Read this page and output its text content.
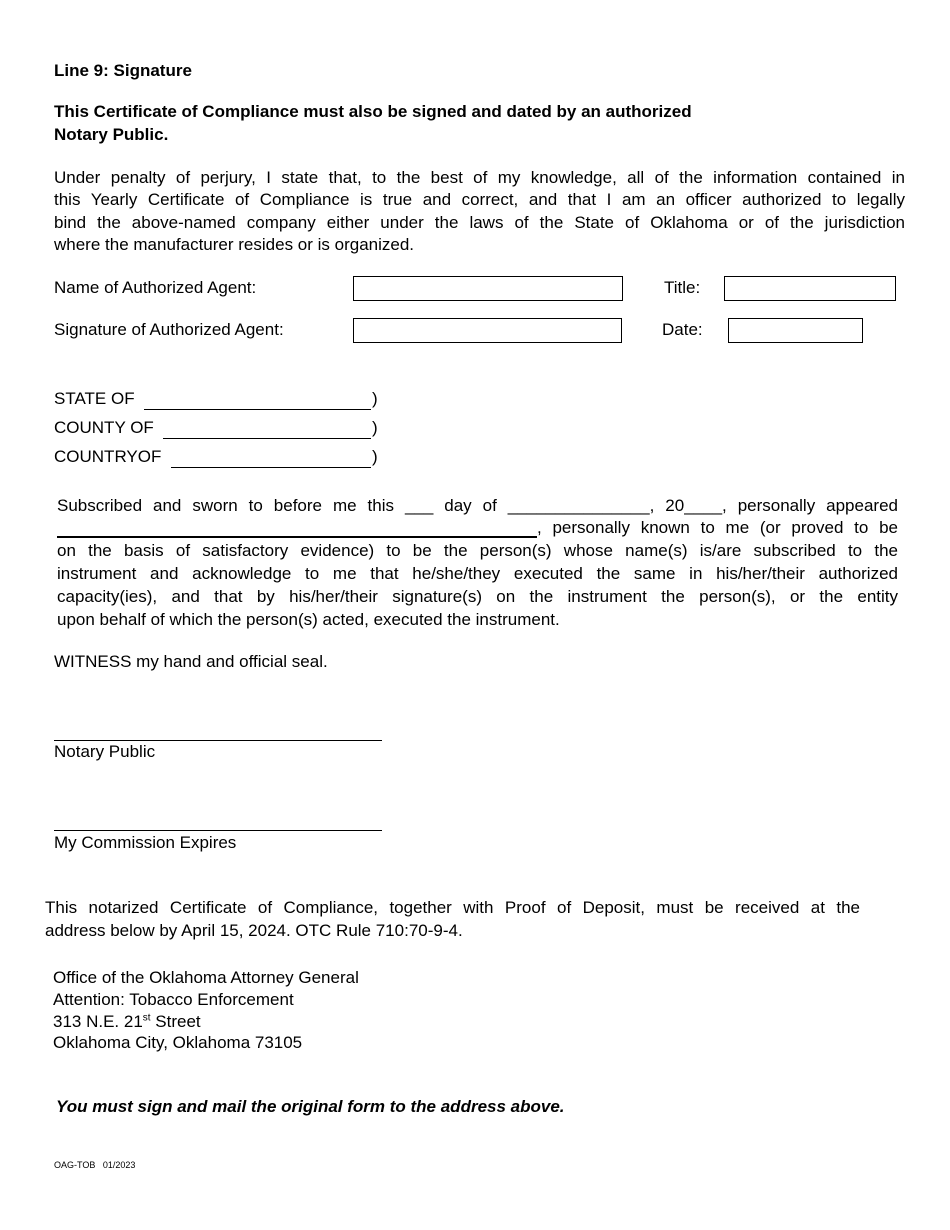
Line 9: Signature
This Certificate of Compliance must also be signed and dated by an authorized
Notary Public.
Under penalty of perjury, I state that, to the best of my knowledge, all of the information contained in
this Yearly Certificate of Compliance is true and correct, and that I am an officer authorized to legally
bind the above-named company either under the laws of the State of Oklahoma or of the jurisdiction
where the manufacturer resides or is organized.
Name of Authorized Agent:	Title:
Signature of Authorized Agent:	Date:
STATE OF	)
COUNTY OF	)
COUNTRYOF	)
Subscribed and sworn to before me this ___ day of _______________, 20____, personally appeared
, personally known to me (or proved to be
on the basis of satisfactory evidence) to be the person(s) whose name(s) is/are subscribed to the
instrument and acknowledge to me that he/she/they executed the same in his/her/their authorized
capacity(ies), and that by his/her/their signature(s) on the instrument the person(s), or the entity
upon behalf of which the person(s) acted, executed the instrument.
WITNESS my hand and official seal.
Notary Public
My Commission Expires
This notarized Certificate of Compliance, together with Proof of Deposit, must be received at the
address below by April 15, 2024. OTC Rule 710:70-9-4.
Office of the Oklahoma Attorney General
Attention: Tobacco Enforcement
313 N.E. 21st Street
Oklahoma City, Oklahoma 73105
You must sign and mail the original form to the address above.
OAG-TOB   01/2023
